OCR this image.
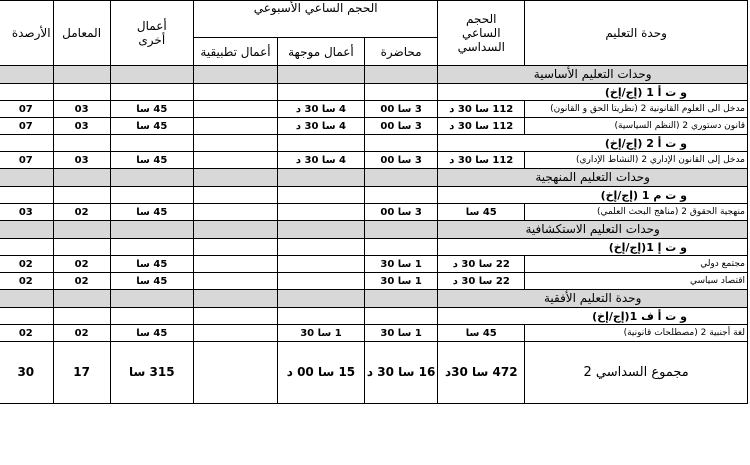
وحدة التعليم	الحجم الساعي السداسي	الحجم الساعي الأسبوعي			أعمال أخرى	المعامل	الأرصدة
		محاضرة	أعمال موجهة	أعمال تطبيقية			
وحدات التعليم الأساسية							
و ت أ 1 (إج/إخ)							
مدخل الى العلوم القانونية 2 (نظريتا الحق و القانون)	112 سا 30 د	3 سا 00	4 سا 30 د		45 سا	03	07
قانون دستوري 2 (النظم السياسية)	112 سا 30 د	3 سا 00	4 سا 30 د		45 سا	03	07
و ت أ 2 (إج/إخ)							
مدخل إلى القانون الإداري 2 (النشاط الإداري)	112 سا 30 د	3 سا 00	4 سا 30 د		45 سا	03	07
وحدات التعليم المنهجية							
و ت م 1 (إج/إخ)							
منهجية الحقوق 2 (مناهج البحث العلمي)	45 سا	3 سا 00			45 سا	02	03
وحدات التعليم الاستكشافية							
و ت إ 1(إج/إخ)							
مجتمع دولي	22 سا 30 د	1 سا 30			45 سا	02	02
اقتصاد سياسي	22 سا 30 د	1 سا 30			45 سا	02	02
وحدة التعليم الأفقية							
و ت أ ف 1(إج/إخ)							
لغة أجنبية 2 (مصطلحات قانونية)	45 سا	1 سا 30	1 سا 30		45 سا	02	02
مجموع السداسي 2	472 سا 30د	16 سا 30 د	15 سا 00 د		315 سا	17	30
